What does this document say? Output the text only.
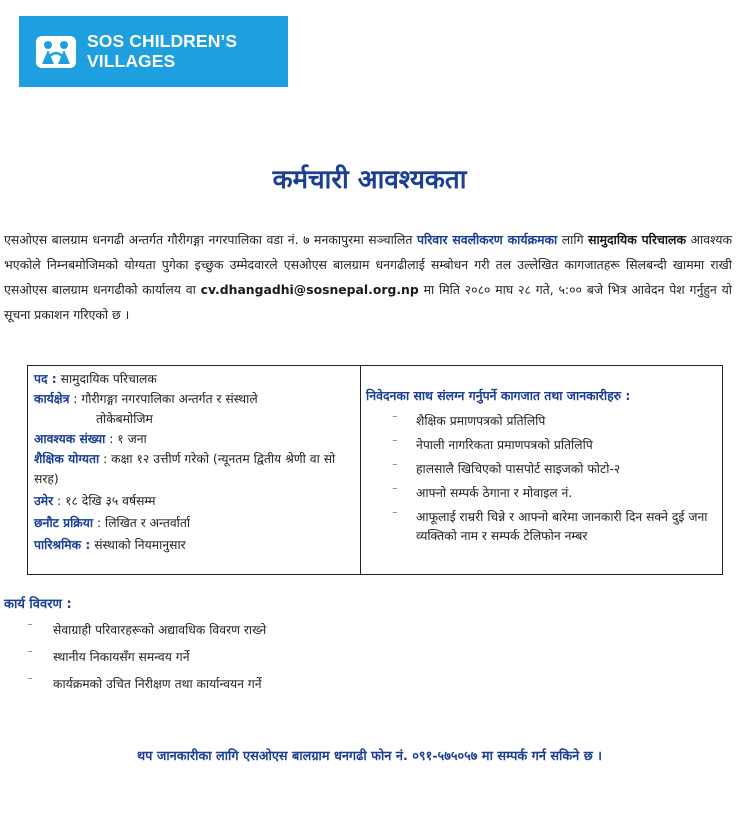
SOS CHILDREN’S
VILLAGES
कर्मचारी आवश्यकता
एसओएस बालग्राम धनगढी अन्तर्गत गौरीगङ्गा नगरपालिका वडा नं. ७ मनकापुरमा सञ्चालित परिवार सवलीकरण कार्यक्रमका लागि सामुदायिक परिचालक आवश्यक भएकोले निम्नबमोजिमको योग्यता पुगेका इच्छुक उम्मेदवारले एसओएस बालग्राम धनगढीलाई सम्बोधन गरी तल उल्लेखित कागजातहरू सिलबन्दी खाममा राखी एसओएस बालग्राम धनगढीको कार्यालय वा cv.dhangadhi@sosnepal.org.np मा मिति २०८० माघ २८ गते, ५:०० बजे भित्र आवेदन पेश गर्नुहुन यो सूचना प्रकाशन गरिएको छ ।
पद : सामुदायिक परिचालक
कार्यक्षेत्र : गौरीगङ्गा नगरपालिका अन्तर्गत र संस्थाले
तोकेबमोजिम
आवश्यक संख्या : १ जना
शैक्षिक योग्यता : कक्षा १२ उत्तीर्ण गरेको (न्यूनतम द्वितीय श्रेणी वा सो सरह)
उमेर : १८ देखि ३५ वर्षसम्म
छनौट प्रक्रिया : लिखित र अन्तर्वार्ता
पारिश्रमिक : संस्थाको नियमानुसार
निवेदनका साथ संलग्न गर्नुपर्ने कागजात तथा जानकारीहरु :
⁻ शैक्षिक प्रमाणपत्रको प्रतिलिपि
⁻ नेपाली नागरिकता प्रमाणपत्रको प्रतिलिपि
⁻ हालसालै खिचिएको पासपोर्ट साइजको फोटो-२
⁻ आफ्नो सम्पर्क ठेगाना र मोवाइल नं.
⁻ आफूलाई राम्ररी चिन्ने र आफ्नो बारेमा जानकारी दिन सक्ने दुई जना व्यक्तिको नाम र सम्पर्क टेलिफोन नम्बर
कार्य विवरण :
⁻ सेवाग्राही परिवारहरूको अद्यावधिक विवरण राख्ने
⁻ स्थानीय निकायसँग समन्वय गर्ने
⁻ कार्यक्रमको उचित निरीक्षण तथा कार्यान्वयन गर्ने
थप जानकारीका लागि एसओएस बालग्राम धनगढी फोन नं. ०९१-५७५०५७ मा सम्पर्क गर्न सकिने छ ।
